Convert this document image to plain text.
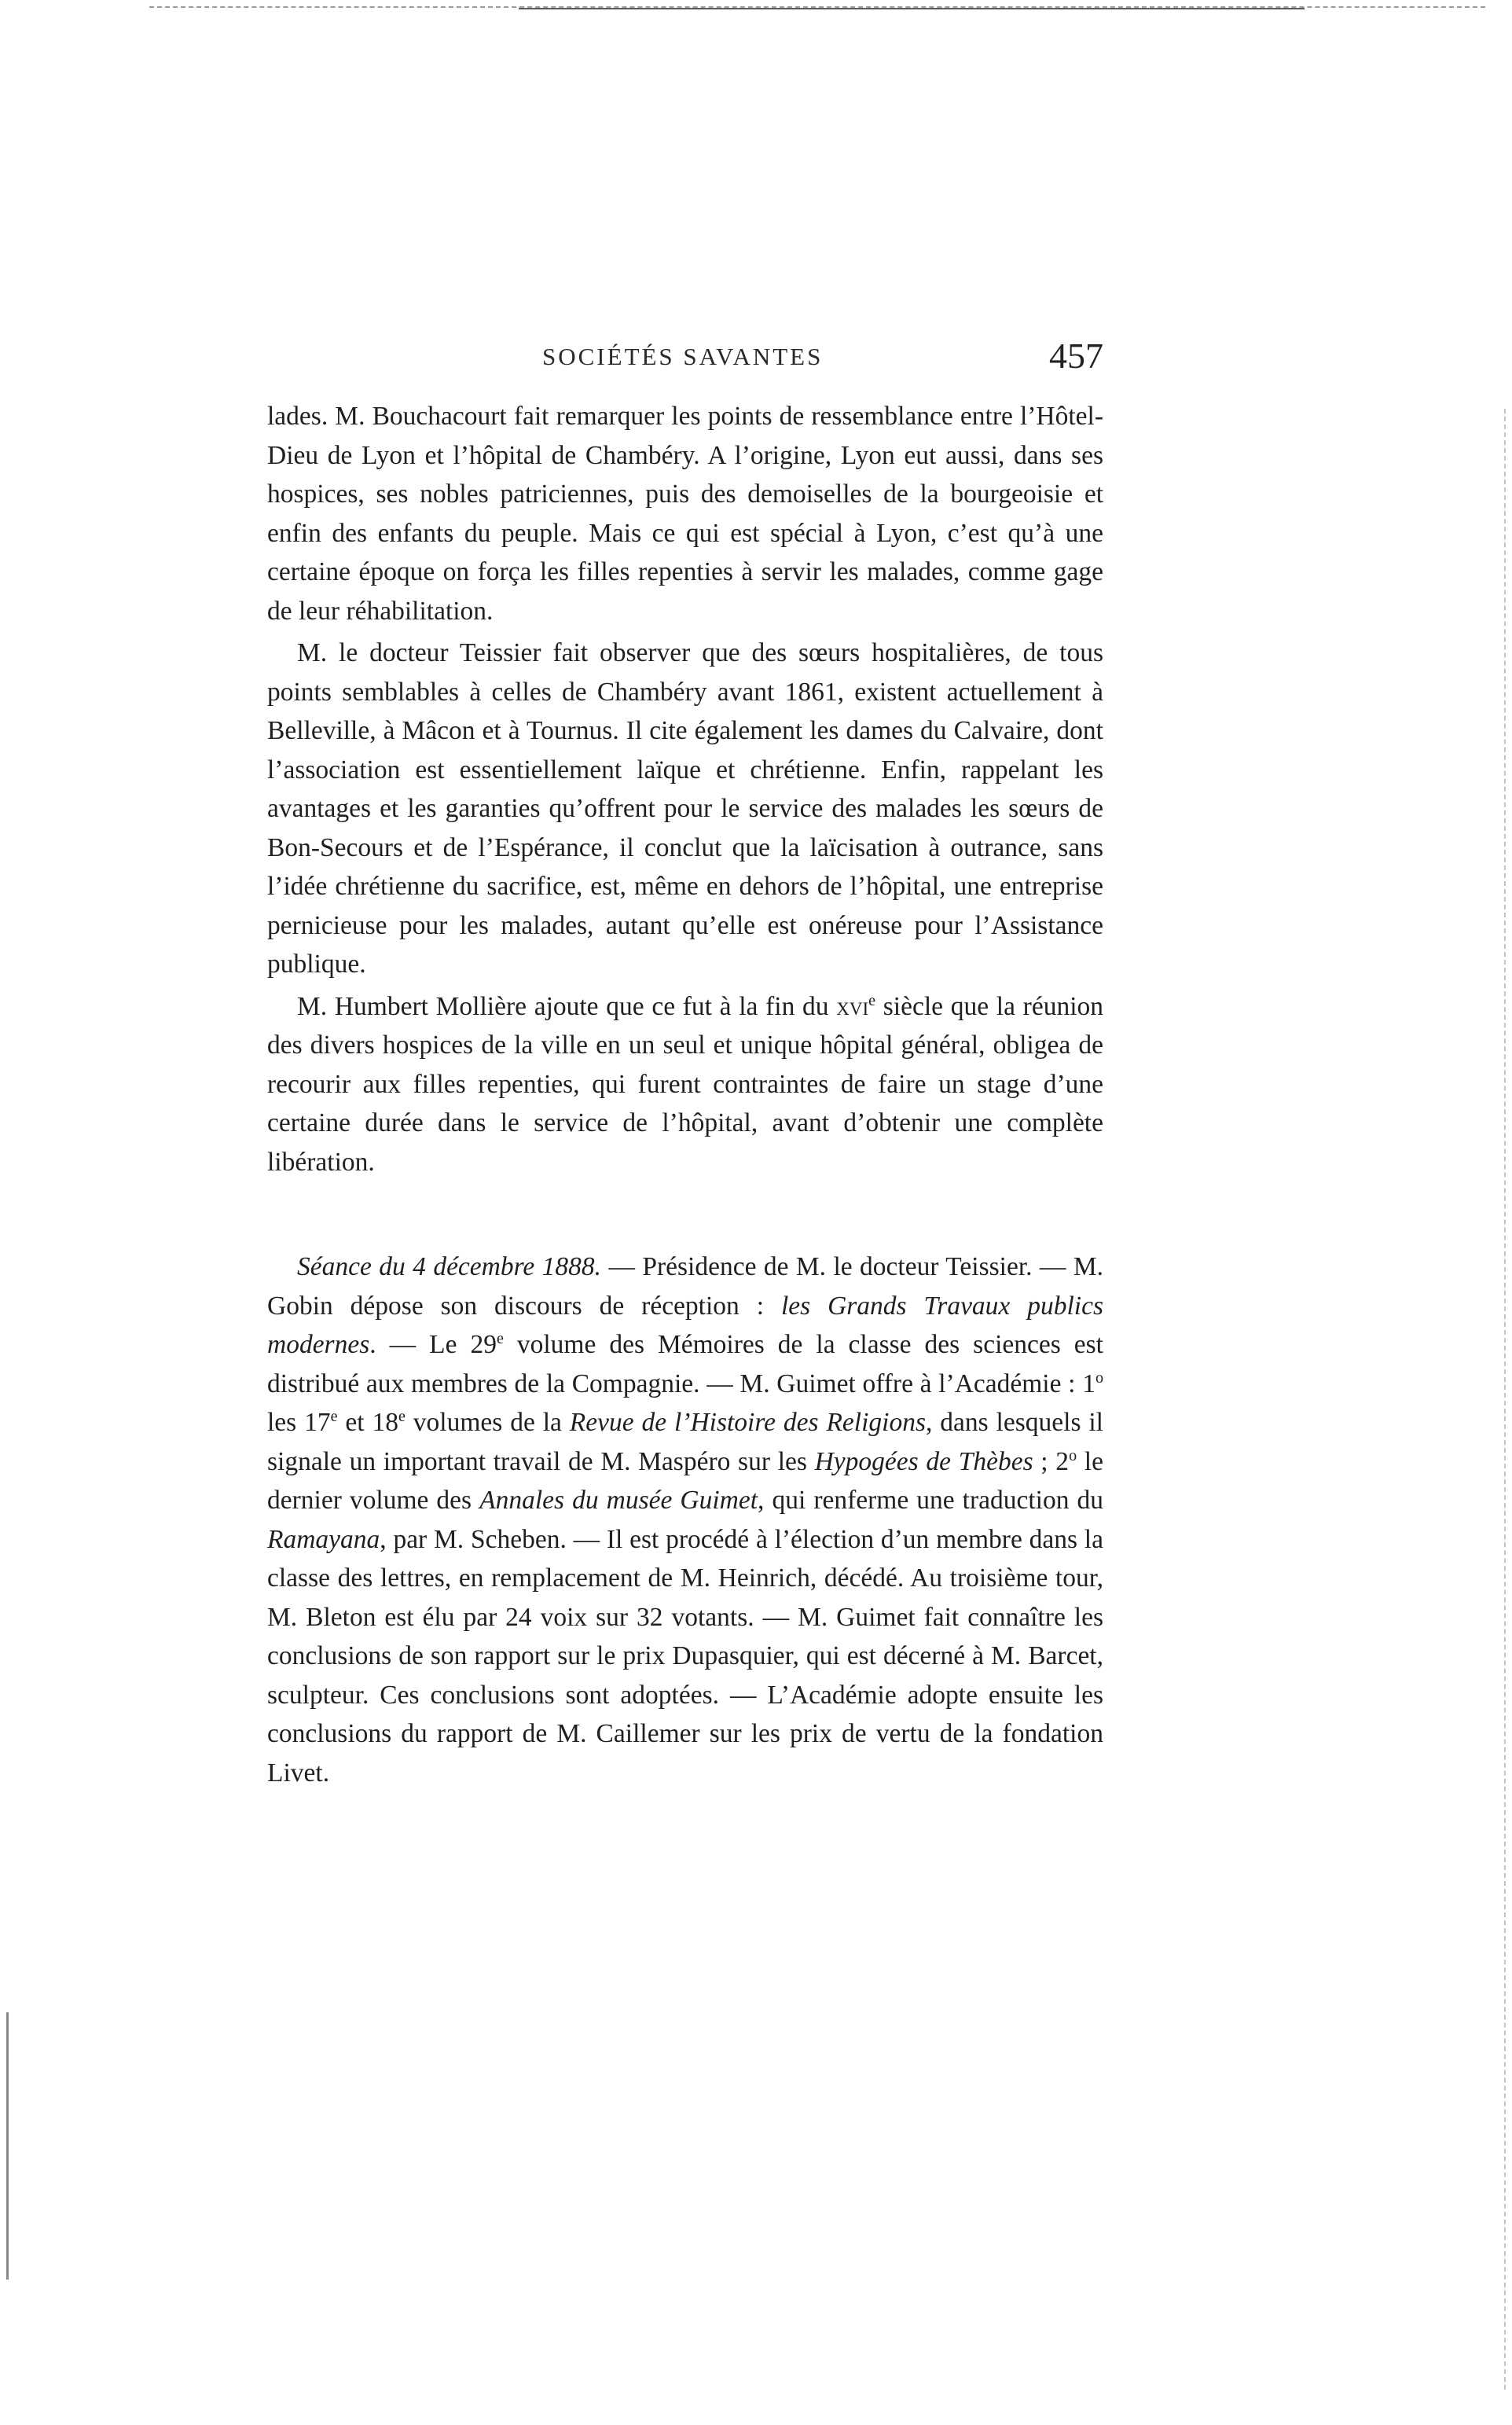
SOCIÉTÉS SAVANTES	457

lades. M. Bouchacourt fait remarquer les points de ressemblance entre l’Hôtel-Dieu de Lyon et l’hôpital de Chambéry. A l’origine, Lyon eut aussi, dans ses hospices, ses nobles patriciennes, puis des demoiselles de la bourgeoisie et enfin des enfants du peuple. Mais ce qui est spécial à Lyon, c’est qu’à une certaine époque on força les filles repenties à servir les malades, comme gage de leur réhabilitation.

M. le docteur Teissier fait observer que des sœurs hospitalières, de tous points semblables à celles de Chambéry avant 1861, existent actuellement à Belleville, à Mâcon et à Tournus. Il cite également les dames du Calvaire, dont l’association est essentiellement laïque et chrétienne. Enfin, rappelant les avantages et les garanties qu’offrent pour le service des malades les sœurs de Bon-Secours et de l’Espérance, il conclut que la laïcisation à outrance, sans l’idée chrétienne du sacrifice, est, même en dehors de l’hôpital, une entreprise pernicieuse pour les malades, autant qu’elle est onéreuse pour l’Assistance publique.

M. Humbert Mollière ajoute que ce fut à la fin du xvi$^e$ siècle que la réunion des divers hospices de la ville en un seul et unique hôpital général, obligea de recourir aux filles repenties, qui furent contraintes de faire un stage d’une certaine durée dans le service de l’hôpital, avant d’obtenir une complète libération.

Séance du 4 décembre 1888. — Présidence de M. le docteur Teissier. — M. Gobin dépose son discours de réception : les Grands Travaux publics modernes. — Le 29e volume des Mémoires de la classe des sciences est distribué aux membres de la Compagnie. — M. Guimet offre à l’Académie : 1$^o$ les 17e et 18e volumes de la Revue de l’Histoire des Religions, dans lesquels il signale un important travail de M. Maspéro sur les Hypogées de Thèbes ; 2$^o$ le dernier volume des Annales du musée Guimet, qui renferme une traduction du Ramayana, par M. Scheben. — Il est procédé à l’élection d’un membre dans la classe des lettres, en remplacement de M. Heinrich, décédé. Au troisième tour, M. Bleton est élu par 24 voix sur 32 votants. — M. Guimet fait connaître les conclusions de son rapport sur le prix Dupasquier, qui est décerné à M. Barcet, sculpteur. Ces conclusions sont adoptées. — L’Académie adopte ensuite les conclusions du rapport de M. Caillemer sur les prix de vertu de la fondation Livet.
